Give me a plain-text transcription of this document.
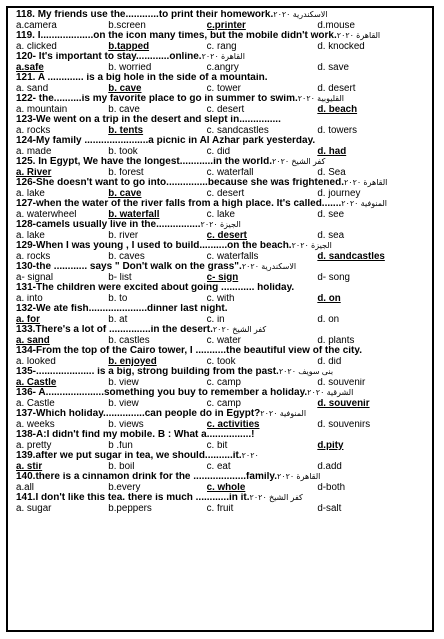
118. My friends use the............to print their homework.الاسكندرية ٢٠٢٠
a.camera	b.screen	c.printer	d.mouse
119. I...................on the icon many times, but the mobile didn't work.القاهرة ٢٠٢٠
a. clicked	b.tapped	c. rang	d. knocked
120- It's important to stay............online.القاهرة ٢٠٢٠
a.safe	b. worried	c.angry	d. save
121. A ............. is a big hole in the side of a mountain.
a. sand	b. cave	c. tower	d. desert
122- the..........is my favorite place to go in summer to swim.القليوبية ٢٠٢٠
a. mountain	b. cave	c. desert	d. beach
123-We went on a trip in the desert and slept in...............
a. rocks	b. tents	c. sandcastles	d. towers
124-My family .......................a picnic in Al Azhar park yesterday.
a. made	b. took	c. did	d. had
125. In Egypt, We have the longest............in the world.كفر الشيخ ٢٠٢٠
a. River	b. forest	c. waterfall	d. Sea
126-She doesn't want to go into...............because she was frightened.القاهرة ٢٠٢٠
a. lake	b. cave	c. desert	d. journey
127-when the water of the river falls from a high place. It's called.......المنوفية ٢٠٢٠
a. waterwheel	b. waterfall	c. lake	d. see
128-camels usually live in the................الجيزة ٢٠٢٠
a. lake	b. river	c. desert	d. sea
129-When I was young , I used to build..........on the beach.الجيزة ٢٠٢٠
a. rocks	b. caves	c. waterfalls	d. sandcastles
130-the ............ says " Don't walk on the grass".الاسكندرية ٢٠٢٠
a- signal	b- list	c- sign	d- song
131-The children were excited about going ............ holiday.
a. into	b. to	c. with	d. on
132-We ate fish.....................dinner last night.
a. for	b. at	c. in	d. on
133.There's a lot of ...............in the desert.كفر الشيخ ٢٠٢٠
a. sand	b. castles	c. water	d. plants
134-From the top of the Cairo tower, I ...........the beautiful view of the city.
a. looked	b. enjoyed	c. took	d. did
135-..................... is a big, strong building from the past.بنى سويف ٢٠٢٠
a. Castle	b. view	c. camp	d. souvenir
136- A.....................something you buy to remember a holiday.الشرقية ٢٠٢٠
a. Castle	b. view	c. camp	d. souvenir
137-Which holiday...............can people do in Egypt?المنوفية ٢٠٢٠
a. weeks	b. views	c. activities	d. souvenirs
138-A:I didn't find my mobile. B : What a................!
a. pretty	b .fun	c. bit	d.pity
139.after we put sugar in tea, we should..........it.٢٠٢٠
a. stir	b. boil	c. eat	d.add
140.there is a cinnamon drink for the ...................family.القاهرة ٢٠٢٠
a.all	b.every	c. whole	d-both
141.I don't like this tea. there is much ............in it.كفر الشيخ ٢٠٢٠
a. sugar	b.peppers	c. fruit	d-salt
